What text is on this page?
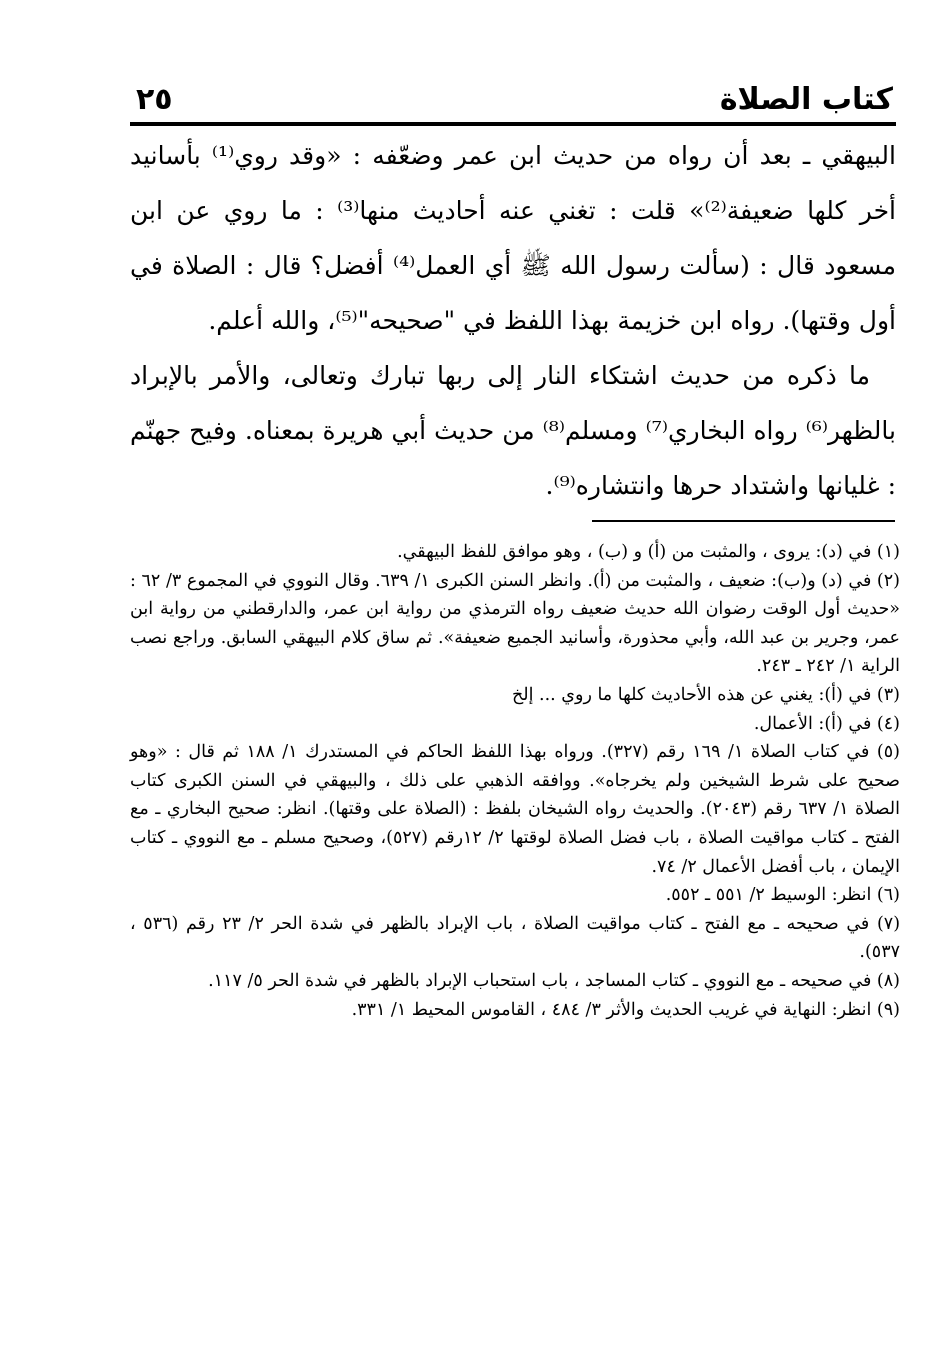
٢٥	كتاب الصلاة

البيهقي ـ بعد أن رواه من حديث ابن عمر وضعّفه : «وقد روي⁽¹⁾ بأسانيد أخر كلها ضعيفة⁽²⁾» قلت : تغني عنه أحاديث منها⁽³⁾ : ما روي عن ابن مسعود قال : (سألت رسول الله ﷺ أي العمل⁽⁴⁾ أفضل؟ قال : الصلاة في أول وقتها). رواه ابن خزيمة بهذا اللفظ في "صحيحه"⁽⁵⁾، والله أعلم.

ما ذكره من حديث اشتكاء النار إلى ربها تبارك وتعالى، والأمر بالإبراد بالظهر⁽⁶⁾ رواه البخاري⁽⁷⁾ ومسلم⁽⁸⁾ من حديث أبي هريرة بمعناه. وفيح جهنّم : غليانها واشتداد حرها وانتشاره⁽⁹⁾.

(١) في (د): يروى ، والمثبت من (أ) و (ب) ، وهو موافق للفظ البيهقي.

(٢) في (د) و(ب): ضعيف ، والمثبت من (أ). وانظر السنن الكبرى ١/ ٦٣٩. وقال النووي في المجموع ٣/ ٦٢ : «حديث أول الوقت رضوان الله حديث ضعيف رواه الترمذي من رواية ابن عمر، والدارقطني من رواية ابن عمر، وجرير بن عبد الله، وأبي محذورة، وأسانيد الجميع ضعيفة». ثم ساق كلام البيهقي السابق. وراجع نصب الراية ١/ ٢٤٢ ـ ٢٤٣.

(٣) في (أ): يغني عن هذه الأحاديث كلها ما روي ... إلخ

(٤) في (أ): الأعمال.

(٥) في كتاب الصلاة ١/ ١٦٩ رقم (٣٢٧). ورواه بهذا اللفظ الحاكم في المستدرك ١/ ١٨٨ ثم قال : «وهو صحيح على شرط الشيخين ولم يخرجاه». ووافقه الذهبي على ذلك ، والبيهقي في السنن الكبرى كتاب الصلاة ١/ ٦٣٧ رقم (٢٠٤٣). والحديث رواه الشيخان بلفظ : (الصلاة على وقتها). انظر: صحيح البخاري ـ مع الفتح ـ كتاب مواقيت الصلاة ، باب فضل الصلاة لوقتها ٢/ ١٢رقم (٥٢٧)، وصحيح مسلم ـ مع النووي ـ كتاب الإيمان ، باب أفضل الأعمال ٢/ ٧٤.

(٦) انظر: الوسيط ٢/ ٥٥١ ـ ٥٥٢.

(٧) في صحيحه ـ مع الفتح ـ كتاب مواقيت الصلاة ، باب الإبراد بالظهر في شدة الحر ٢/ ٢٣ رقم (٥٣٦ ، ٥٣٧).

(٨) في صحيحه ـ مع النووي ـ كتاب المساجد ، باب استحباب الإبراد بالظهر في شدة الحر ٥/ ١١٧.

(٩) انظر: النهاية في غريب الحديث والأثر ٣/ ٤٨٤ ، القاموس المحيط ١/ ٣٣١.
